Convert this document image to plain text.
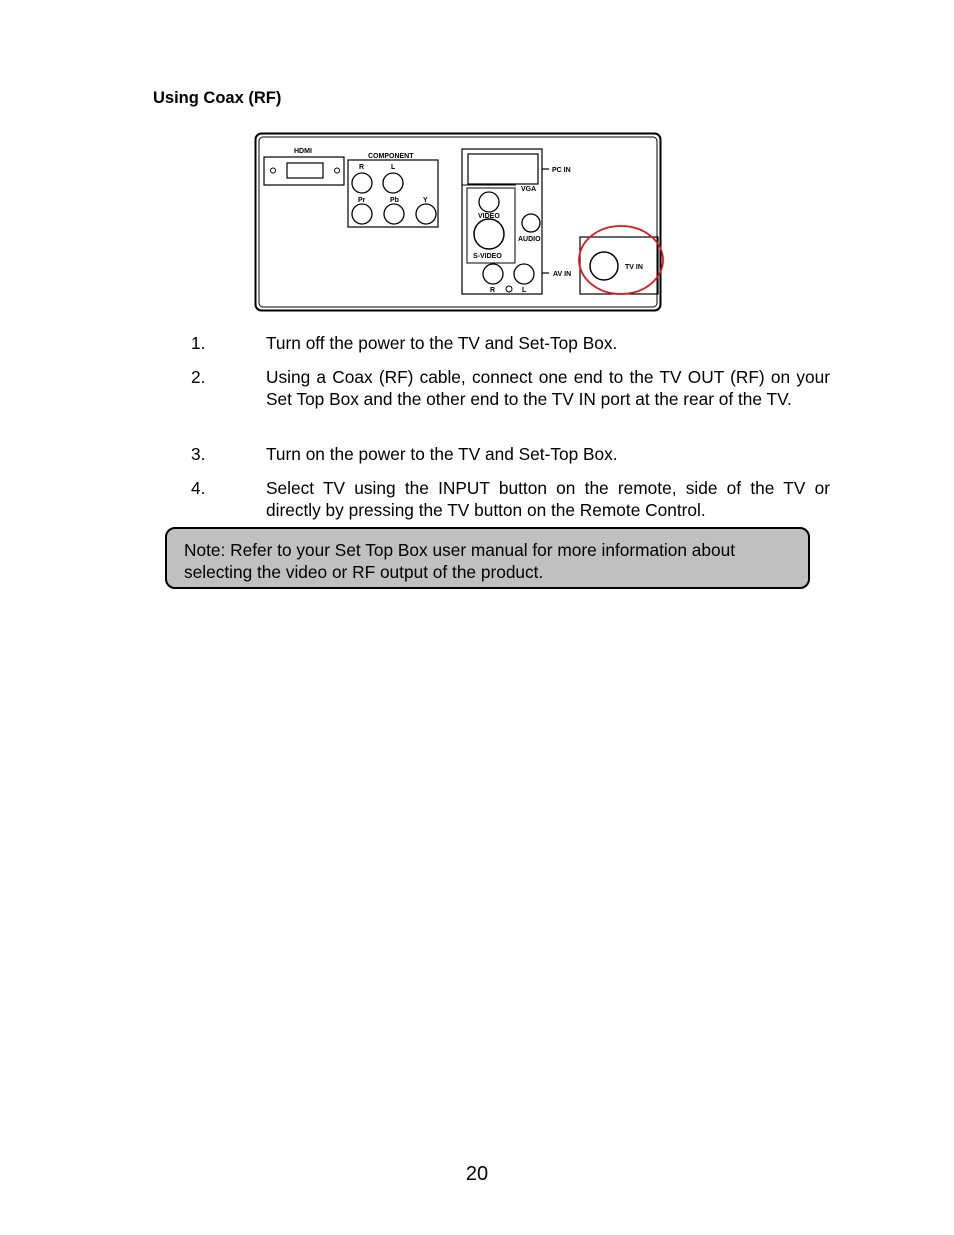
Using Coax (RF)
HDMI
COMPONENT
R	L
Pr	Pb	Y
VGA
PC IN
VIDEO
S-VIDEO
AUDIO
R	L
AV IN
TV IN
1.	Turn off the power to the TV and Set-Top Box.
2.	Using a Coax (RF) cable, connect one end to the TV OUT (RF) on your Set Top Box and the other end to the TV IN port at the rear of the TV.
3.	Turn on the power to the TV and Set-Top Box.
4.	Select TV using the INPUT button on the remote, side of the TV or directly by pressing the TV button on the Remote Control.
Note: Refer to your Set Top Box user manual for more information about selecting the video or RF output of the product.
20
